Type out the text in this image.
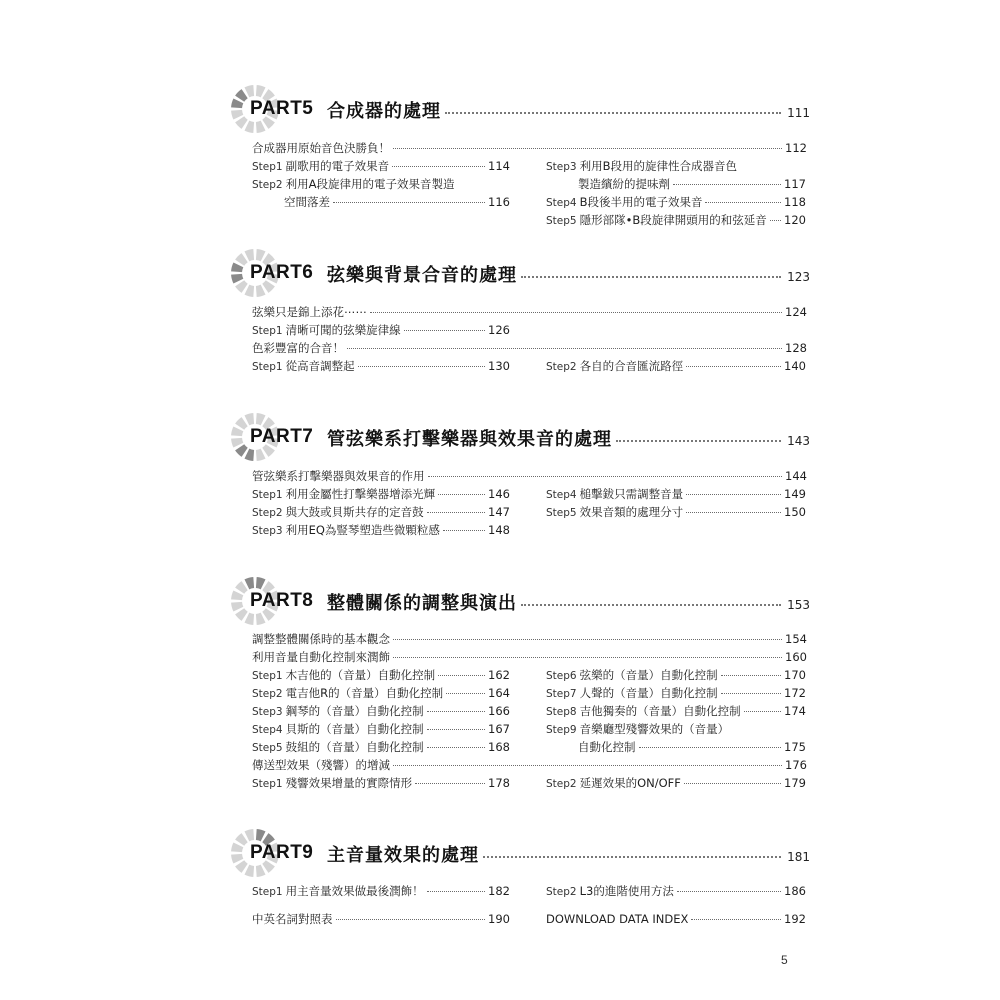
PART5 合成器的處理	111
合成器用原始音色決勝負！	112
Step1 副歌用的電子效果音	114
Step2 利用A段旋律用的電子效果音製造
空間落差	116
Step3 利用B段用的旋律性合成器音色
製造繽紛的提味劑	117
Step4 B段後半用的電子效果音	118
Step5 隱形部隊•B段旋律開頭用的和弦延音 120
PART6 弦樂與背景合音的處理	123
弦樂只是錦上添花⋯⋯	124
Step1 清晰可聞的弦樂旋律線	126
色彩豐富的合音！	128
Step1 從高音調整起	130	Step2 各自的合音匯流路徑	140
PART7 管弦樂系打擊樂器與效果音的處理	143
管弦樂系打擊樂器與效果音的作用	144
Step1 利用金屬性打擊樂器增添光輝	146
Step2 與大鼓或貝斯共存的定音鼓	147
Step3 利用EQ為豎琴塑造些微顆粒感	148
Step4 槌擊鈸只需調整音量	149
Step5 效果音類的處理分寸	150
PART8 整體關係的調整與演出	153
調整整體關係時的基本觀念	154
利用音量自動化控制來潤飾	160
Step1 木吉他的（音量）自動化控制	162
Step2 電吉他R的（音量）自動化控制	164
Step3 鋼琴的（音量）自動化控制	166
Step4 貝斯的（音量）自動化控制	167
Step5 鼓組的（音量）自動化控制	168
Step6 弦樂的（音量）自動化控制	170
Step7 人聲的（音量）自動化控制	172
Step8 吉他獨奏的（音量）自動化控制	174
Step9 音樂廳型殘響效果的（音量）
自動化控制	175
傳送型效果（殘響）的增減	176
Step1 殘響效果增量的實際情形	178	Step2 延遲效果的ON/OFF	179
PART9 主音量效果的處理	181
Step1 用主音量效果做最後潤飾！	182	Step2 L3的進階使用方法	186
中英名詞對照表	190	DOWNLOAD DATA INDEX	192
5
